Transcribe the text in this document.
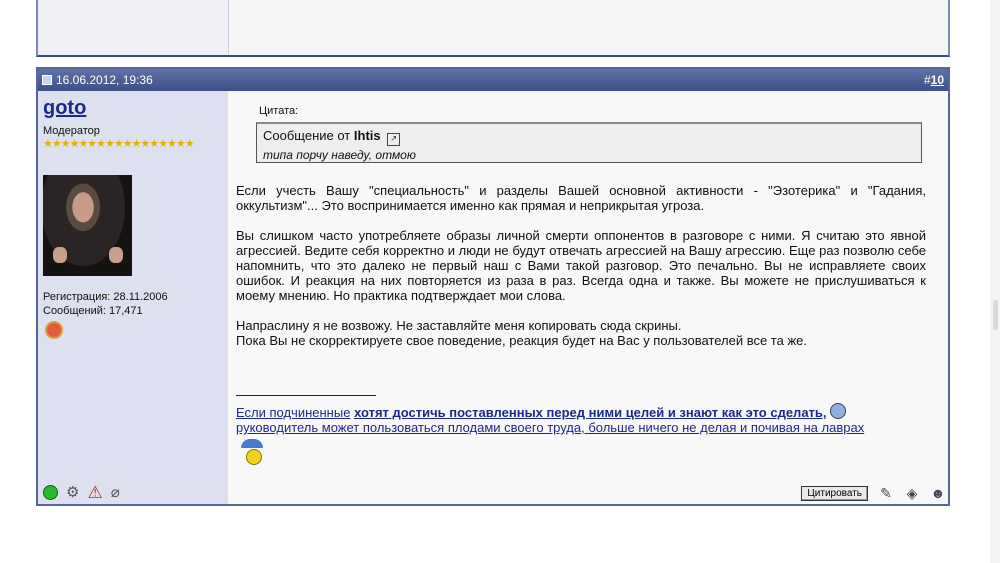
16.06.2012, 19:36	#10
goto
Модератор
★★★★★★★★★★★★★★★★★
Регистрация: 28.11.2006
Сообщений: 17,471
⚙ ⚠ ⌀
Цитата:
Сообщение от Ihtis ↗
типа порчу наведу, отмою

Если учесть Вашу "специальность" и разделы Вашей основной активности - "Эзотерика" и "Гадания, оккультизм"... Это воспринимается именно как прямая и неприкрытая угроза.

Вы слишком часто употребляете образы личной смерти оппонентов в разговоре с ними. Я считаю это явной агрессией. Ведите себя корректно и люди не будут отвечать агрессией на Вашу агрессию. Еще раз позволю себе напомнить, что это далеко не первый наш с Вами такой разговор. Это печально. Вы не исправляете своих ошибок. И реакция на них повторяется из раза в раз. Всегда одна и также. Вы можете не прислушиваться к моему мнению. Но практика подтверждает мои слова.

Напраслину я не возвожу. Не заставляйте меня копировать сюда скрины.
Пока Вы не скорректируете свое поведение, реакция будет на Вас у пользователей все та же.

Если подчиненные хотят достичь поставленных перед ними целей и знают как это сделать,
руководитель может пользоваться плодами своего труда, больше ничего не делая и почивая на лаврах
Цитировать	✎ ◈ ☻
